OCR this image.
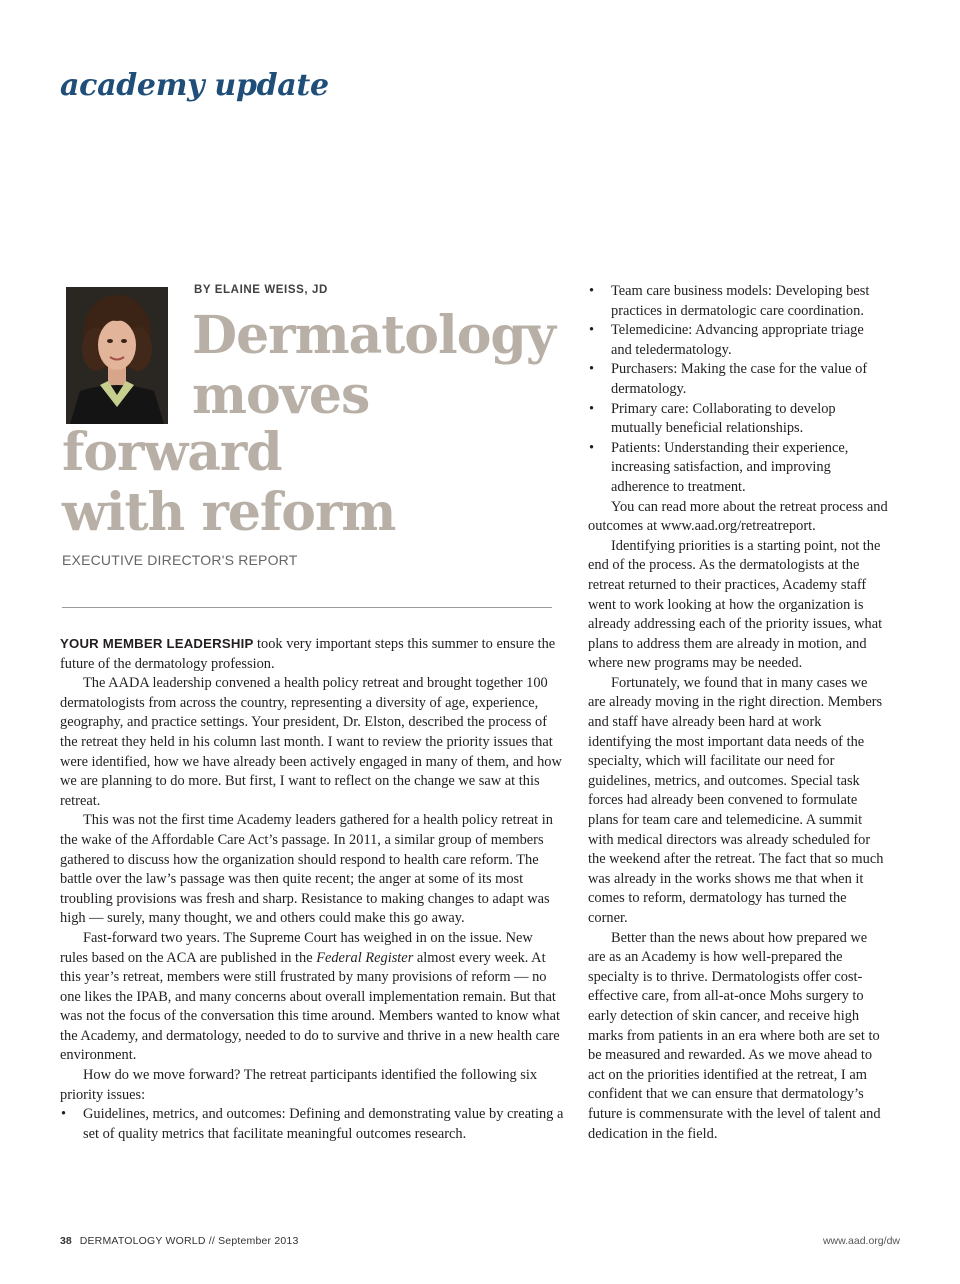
academy update
BY ELAINE WEISS, JD
Dermatology
moves
forward
with reform
EXECUTIVE DIRECTOR'S REPORT

YOUR MEMBER LEADERSHIP took very important steps this summer to ensure the future of the dermatology profession.

The AADA leadership convened a health policy retreat and brought together 100 dermatologists from across the country, representing a diversity of age, experience, geography, and practice settings. Your president, Dr. Elston, described the process of the retreat they held in his column last month. I want to review the priority issues that were identified, how we have already been actively engaged in many of them, and how we are planning to do more. But first, I want to reflect on the change we saw at this retreat.

This was not the first time Academy leaders gathered for a health policy retreat in the wake of the Affordable Care Act’s passage. In 2011, a similar group of members gathered to discuss how the organization should respond to health care reform. The battle over the law’s passage was then quite recent; the anger at some of its most troubling provisions was fresh and sharp. Resistance to making changes to adapt was high — surely, many thought, we and others could make this go away.

Fast-forward two years. The Supreme Court has weighed in on the issue. New rules based on the ACA are published in the Federal Register almost every week. At this year’s retreat, members were still frustrated by many provisions of reform — no one likes the IPAB, and many concerns about overall implementation remain. But that was not the focus of the conversation this time around. Members wanted to know what the Academy, and dermatology, needed to do to survive and thrive in a new health care environment.

How do we move forward? The retreat participants identified the following six priority issues:

• Guidelines, metrics, and outcomes: Defining and demonstrating value by creating a set of quality metrics that facilitate meaningful outcomes research.
• Team care business models: Developing best practices in dermatologic care coordination.
• Telemedicine: Advancing appropriate triage and teledermatology.
• Purchasers: Making the case for the value of dermatology.
• Primary care: Collaborating to develop mutually beneficial relationships.
• Patients: Understanding their experience, increasing satisfaction, and improving adherence to treatment.

You can read more about the retreat process and outcomes at www.aad.org/retreatreport.

Identifying priorities is a starting point, not the end of the process. As the dermatologists at the retreat returned to their practices, Academy staff went to work looking at how the organization is already addressing each of the priority issues, what plans to address them are already in motion, and where new programs may be needed.

Fortunately, we found that in many cases we are already moving in the right direction. Members and staff have already been hard at work identifying the most important data needs of the specialty, which will facilitate our need for guidelines, metrics, and outcomes. Special task forces had already been convened to formulate plans for team care and telemedicine. A summit with medical directors was already scheduled for the weekend after the retreat. The fact that so much was already in the works shows me that when it comes to reform, dermatology has turned the corner.

Better than the news about how prepared we are as an Academy is how well-prepared the specialty is to thrive. Dermatologists offer cost-effective care, from all-at-once Mohs surgery to early detection of skin cancer, and receive high marks from patients in an era where both are set to be measured and rewarded. As we move ahead to act on the priorities identified at the retreat, I am confident that we can ensure that dermatology’s future is commensurate with the level of talent and dedication in the field.

38 DERMATOLOGY WORLD // September 2013	www.aad.org/dw
